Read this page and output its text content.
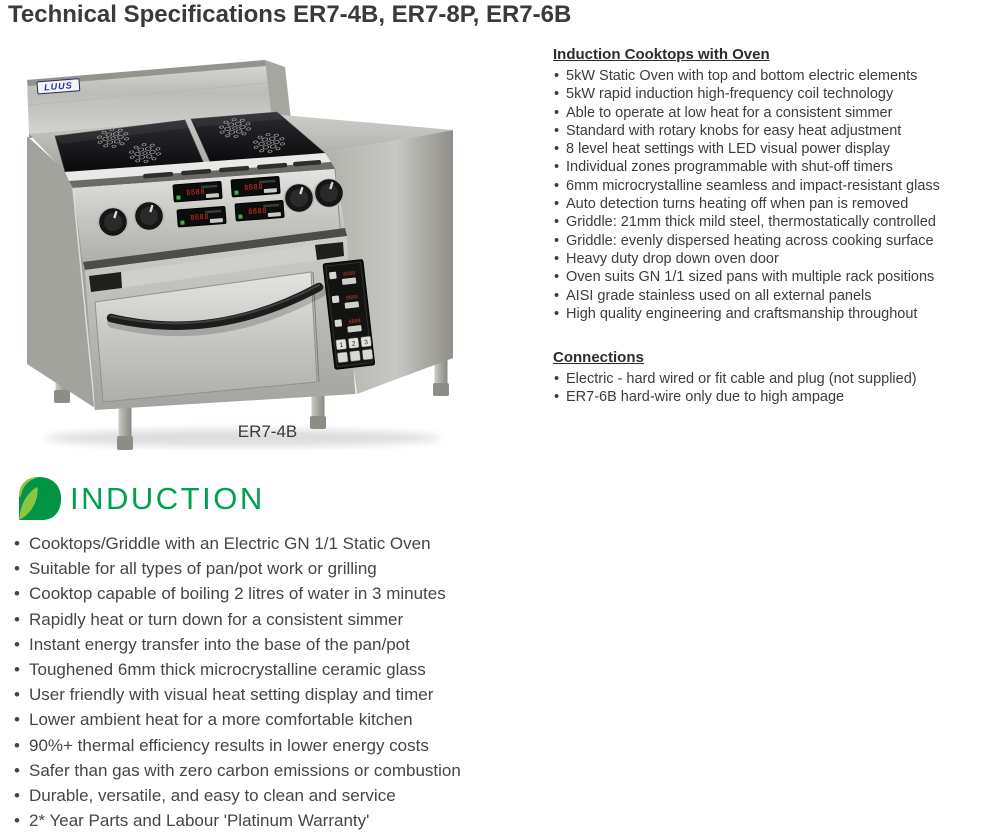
Technical Specifications ER7-4B, ER7-8P, ER7-6B
LUUS
8888
8888
8888
8888
8888
8888
8888
1 2 3
ER7-4B
Induction Cooktops with Oven
• 5kW Static Oven with top and bottom electric elements
• 5kW rapid induction high-frequency coil technology
• Able to operate at low heat for a consistent simmer
• Standard with rotary knobs for easy heat adjustment
• 8 level heat settings with LED visual power display
• Individual zones programmable with shut-off timers
• 6mm microcrystalline seamless and impact-resistant glass
• Auto detection turns heating off when pan is removed
• Griddle: 21mm thick mild steel, thermostatically controlled
• Griddle: evenly dispersed heating across cooking surface
• Heavy duty drop down oven door
• Oven suits GN 1/1 sized pans with multiple rack positions
• AISI grade stainless used on all external panels
• High quality engineering and craftsmanship throughout
Connections
• Electric - hard wired or fit cable and plug (not supplied)
• ER7-6B hard-wire only due to high ampage
INDUCTION
• Cooktops/Griddle with an Electric GN 1/1 Static Oven
• Suitable for all types of pan/pot work or grilling
• Cooktop capable of boiling 2 litres of water in 3 minutes
• Rapidly heat or turn down for a consistent simmer
• Instant energy transfer into the base of the pan/pot
• Toughened 6mm thick microcrystalline ceramic glass
• User friendly with visual heat setting display and timer
• Lower ambient heat for a more comfortable kitchen
• 90%+ thermal efficiency results in lower energy costs
• Safer than gas with zero carbon emissions or combustion
• Durable, versatile, and easy to clean and service
• 2* Year Parts and Labour 'Platinum Warranty'
